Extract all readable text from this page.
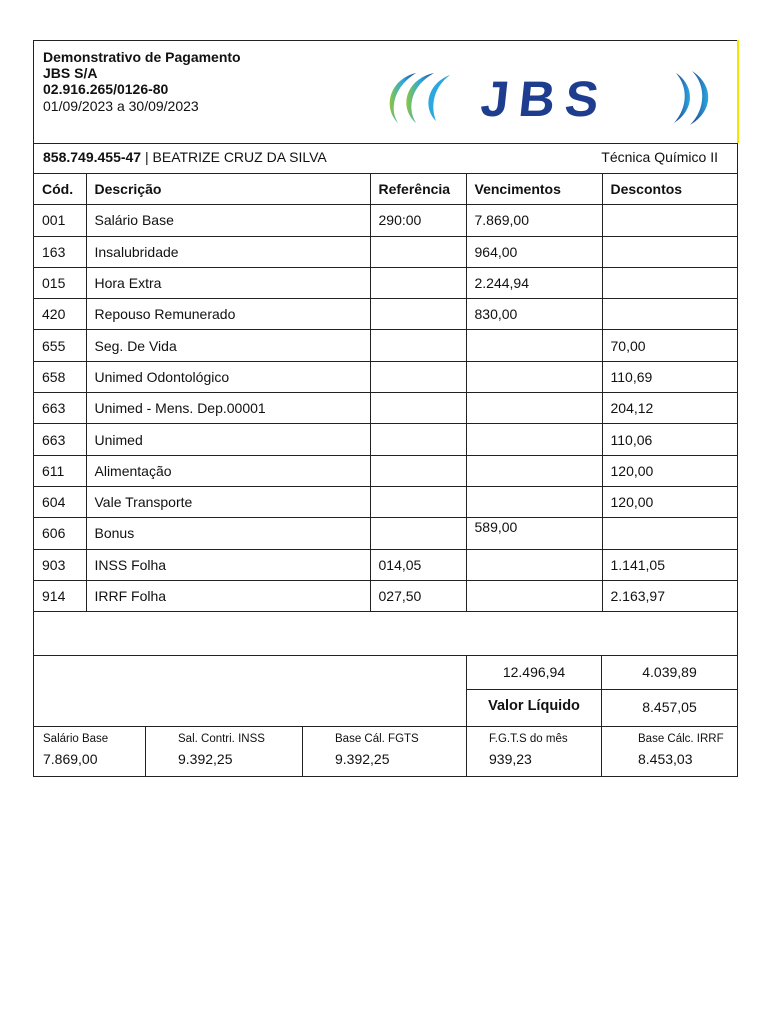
Demonstrativo de Pagamento
JBS S/A
02.916.265/0126-80
01/09/2023 a 30/09/2023	JBS
858.749.455-47 | BEATRIZE CRUZ DA SILVA	Técnica Químico II
Cód.	Descrição	Referência	Vencimentos	Descontos
001	Salário Base	290:00	7.869,00	
163	Insalubridade		964,00	
015	Hora Extra		2.244,94	
420	Repouso Remunerado		830,00	
655	Seg. De Vida			70,00
658	Unimed Odontológico			110,69
663	Unimed - Mens. Dep.00001			204,12
663	Unimed			110,06
611	Alimentação			120,00
604	Vale Transporte			120,00
606	Bonus		589,00	
903	INSS Folha	014,05		1.141,05
914	IRRF Folha	027,50		2.163,97
12.496,94	4.039,89
Valor Líquido	8.457,05
Salário Base
7.869,00
Sal. Contri. INSS
9.392,25
Base Cál. FGTS
9.392,25
F.G.T.S do mês
939,23
Base Cálc. IRRF
8.453,03
